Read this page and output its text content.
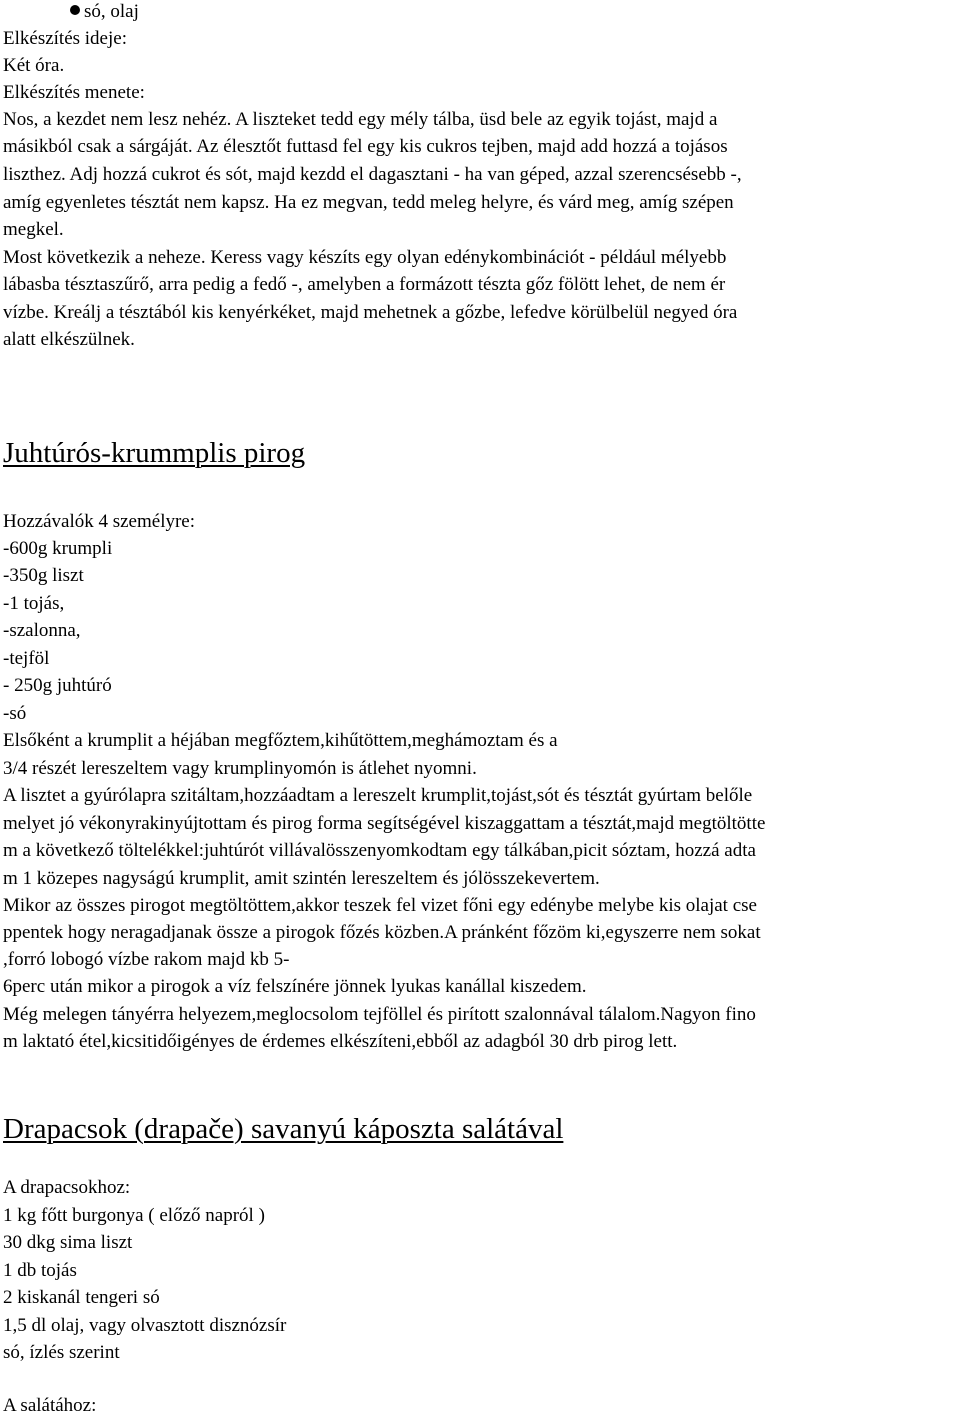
só, olaj
Elkészítés ideje:
Két óra.
Elkészítés menete:
Nos, a kezdet nem lesz nehéz. A liszteket tedd egy mély tálba, üsd bele az egyik tojást, majd a
másikból csak a sárgáját. Az élesztőt futtasd fel egy kis cukros tejben, majd add hozzá a tojásos
liszthez. Adj hozzá cukrot és sót, majd kezdd el dagasztani - ha van géped, azzal szerencsésebb -,
amíg egyenletes tésztát nem kapsz. Ha ez megvan, tedd meleg helyre, és várd meg, amíg szépen
megkel.
Most következik a neheze. Keress vagy készíts egy olyan edénykombinációt - például mélyebb
lábasba tésztaszűrő, arra pedig a fedő -, amelyben a formázott tészta gőz fölött lehet, de nem ér
vízbe. Kreálj a tésztából kis kenyérkéket, majd mehetnek a gőzbe, lefedve körülbelül negyed óra
alatt elkészülnek.
Juhtúrós-krummplis pirog
Hozzávalók 4 személyre:
-600g krumpli
-350g liszt
-1 tojás,
-szalonna,
-tejföl
- 250g juhtúró
-só
Elsőként a krumplit a héjában megfőztem,kihűtöttem,meghámoztam és a
3/4 részét lereszeltem vagy krumplinyomón is átlehet nyomni.
A lisztet a gyúrólapra szitáltam,hozzáadtam a lereszelt krumplit,tojást,sót és tésztát gyúrtam belőle
melyet jó vékonyrakinyújtottam és pirog forma segítségével kiszaggattam a tésztát,majd megtöltötte
m a következő töltelékkel:juhtúrót villávalösszenyomkodtam egy tálkában,picit sóztam, hozzá adta
m 1 közepes nagyságú krumplit, amit szintén lereszeltem és jólösszekevertem.
Mikor az összes pirogot megtöltöttem,akkor teszek fel vizet főni egy edénybe melybe kis olajat cse
ppentek hogy neragadjanak össze a pirogok főzés közben.A pránként főzöm ki,egyszerre nem sokat
,forró lobogó vízbe rakom majd kb 5-
6perc után mikor a pirogok a víz felszínére jönnek lyukas kanállal kiszedem.
Még melegen tányérra helyezem,meglocsolom tejföllel és pirított szalonnával tálalom.Nagyon fino
m laktató étel,kicsitidőigényes de érdemes elkészíteni,ebből az adagból 30 drb pirog lett.
Drapacsok (drapače) savanyú káposzta salátával
A drapacsokhoz:
1 kg főtt burgonya ( előző napról )
30 dkg sima liszt
1 db tojás
2 kiskanál tengeri só
1,5 dl olaj, vagy olvasztott disznózsír
só, ízlés szerint
A salátához:
